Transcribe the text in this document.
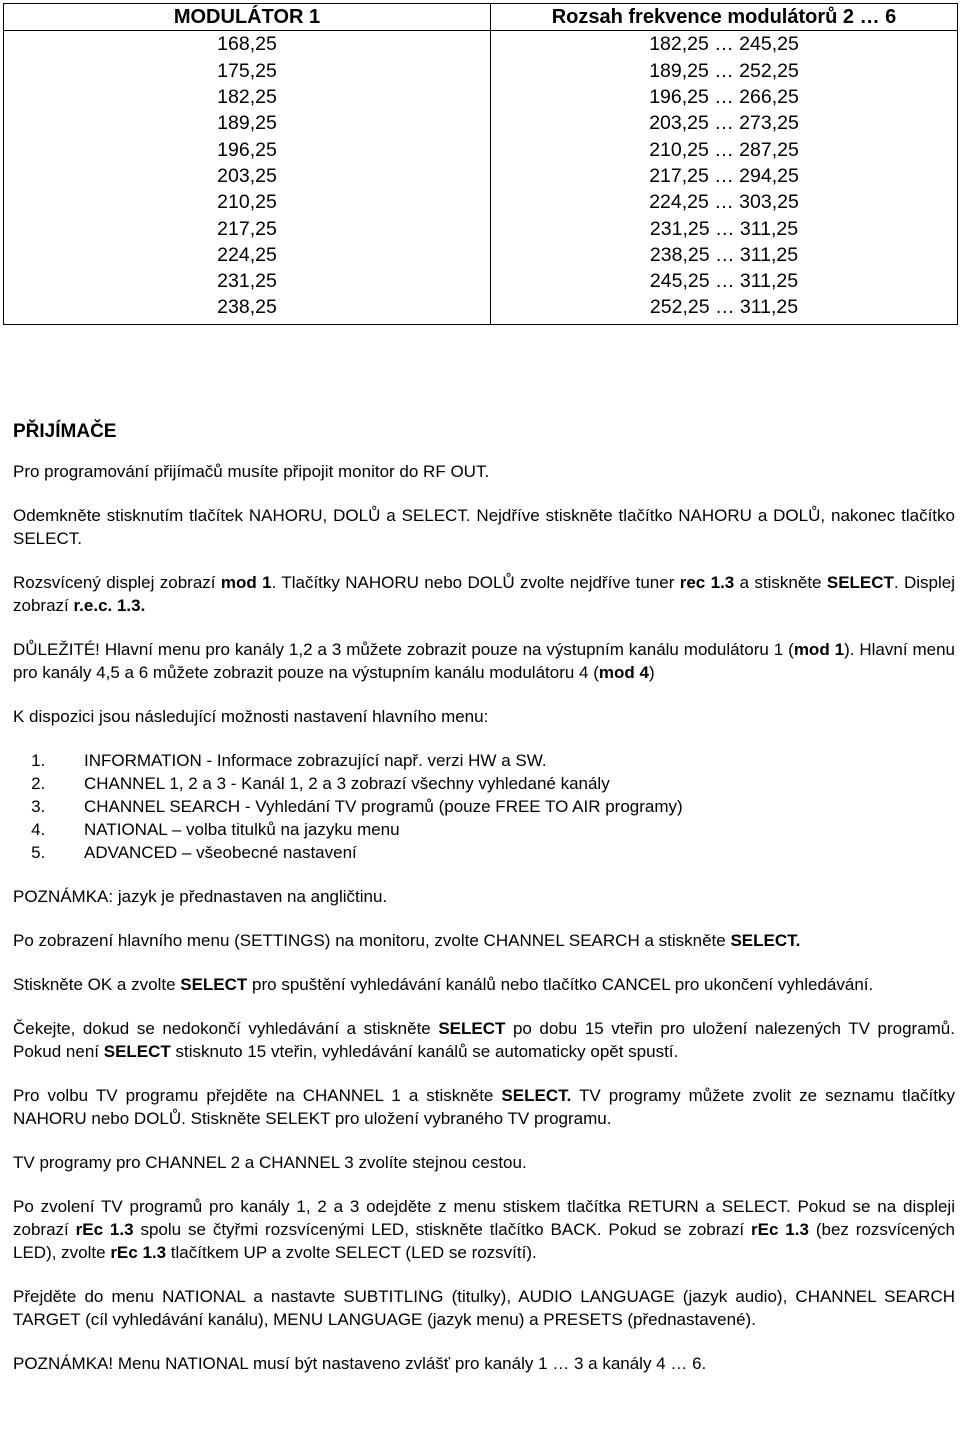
MODULÁTOR 1	Rozsah frekvence modulátorů 2 … 6
168,25	182,25 … 245,25
175,25	189,25 … 252,25
182,25	196,25 … 266,25
189,25	203,25 … 273,25
196,25	210,25 … 287,25
203,25	217,25 … 294,25
210,25	224,25 … 303,25
217,25	231,25 … 311,25
224,25	238,25 … 311,25
231,25	245,25 … 311,25
238,25	252,25 … 311,25
PŘIJÍMAČE
Pro programování přijímačů musíte připojit monitor do RF OUT.
Odemkněte stisknutím tlačítek NAHORU, DOLŮ a SELECT. Nejdříve stiskněte tlačítko NAHORU a DOLŮ, nakonec tlačítko SELECT.
Rozsvícený displej zobrazí mod 1. Tlačítky NAHORU nebo DOLŮ zvolte nejdříve tuner rec 1.3 a stiskněte SELECT. Displej zobrazí r.e.c. 1.3.
DŮLEŽITÉ! Hlavní menu pro kanály 1,2 a 3 můžete zobrazit pouze na výstupním kanálu modulátoru 1 (mod 1). Hlavní menu pro kanály 4,5 a 6 můžete zobrazit pouze na výstupním kanálu modulátoru 4 (mod 4)
K dispozici jsou následující možnosti nastavení hlavního menu:
1. INFORMATION - Informace zobrazující např. verzi HW a SW.
2. CHANNEL 1, 2 a 3 - Kanál 1, 2 a 3 zobrazí všechny vyhledané kanály
3. CHANNEL SEARCH - Vyhledání TV programů (pouze FREE TO AIR programy)
4. NATIONAL – volba titulků na jazyku menu
5. ADVANCED – všeobecné nastavení
POZNÁMKA: jazyk je přednastaven na angličtinu.
Po zobrazení hlavního menu (SETTINGS) na monitoru, zvolte CHANNEL SEARCH a stiskněte SELECT.
Stiskněte OK a zvolte SELECT pro spuštění vyhledávání kanálů nebo tlačítko CANCEL pro ukončení vyhledávání.
Čekejte, dokud se nedokončí vyhledávání a stiskněte SELECT po dobu 15 vteřin pro uložení nalezených TV programů. Pokud není SELECT stisknuto 15 vteřin, vyhledávání kanálů se automaticky opět spustí.
Pro volbu TV programu přejděte na CHANNEL 1 a stiskněte SELECT. TV programy můžete zvolit ze seznamu tlačítky NAHORU nebo DOLŮ. Stiskněte SELEKT pro uložení vybraného TV programu.
TV programy pro CHANNEL 2 a CHANNEL 3 zvolíte stejnou cestou.
Po zvolení TV programů pro kanály 1, 2 a 3 odejděte z menu stiskem tlačítka RETURN a SELECT. Pokud se na displeji zobrazí rEc 1.3 spolu se čtyřmi rozsvícenými LED, stiskněte tlačítko BACK. Pokud se zobrazí rEc 1.3 (bez rozsvícených LED), zvolte rEc 1.3 tlačítkem UP a zvolte SELECT (LED se rozsvítí).
Přejděte do menu NATIONAL a nastavte SUBTITLING (titulky), AUDIO LANGUAGE (jazyk audio), CHANNEL SEARCH TARGET (cíl vyhledávání kanálu), MENU LANGUAGE (jazyk menu) a PRESETS (přednastavené).
POZNÁMKA! Menu NATIONAL musí být nastaveno zvlášť pro kanály 1 … 3 a kanály 4 … 6.
